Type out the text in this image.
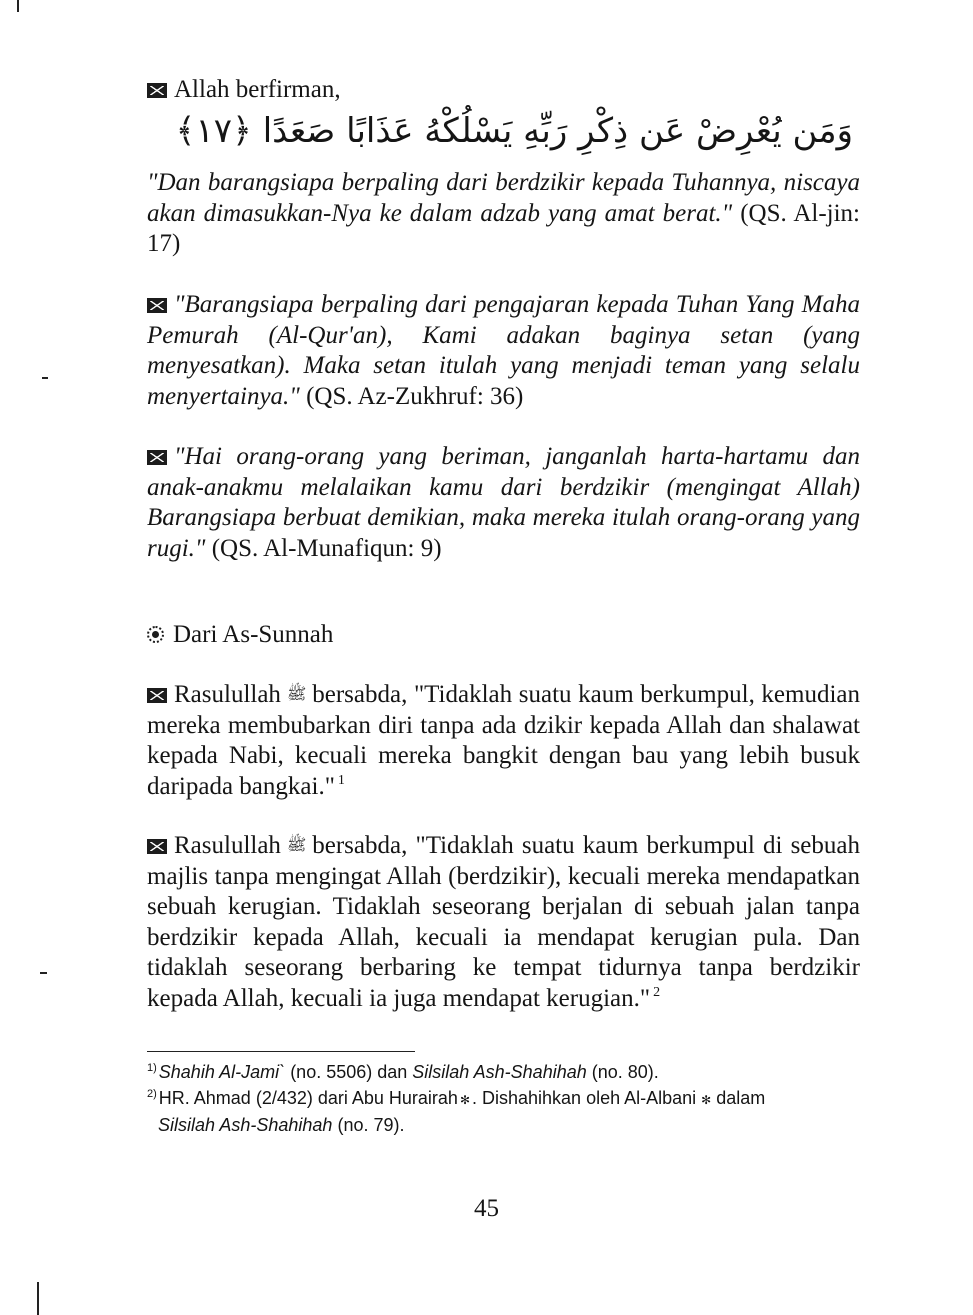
Allah berfirman,
وَمَن يُعْرِضْ عَن ذِكْرِ رَبِّهِ يَسْلُكْهُ عَذَابًا صَعَدًا ﴿١٧﴾
"Dan barangsiapa berpaling dari berdzikir kepada Tuhannya, niscaya akan dimasukkan-Nya ke dalam adzab yang amat berat." (QS. Al-jin: 17)
"Barangsiapa berpaling dari pengajaran kepada Tuhan Yang Maha Pemurah (Al-Qur'an), Kami adakan baginya setan (yang menyesatkan). Maka setan itulah yang menjadi teman yang selalu menyertainya." (QS. Az-Zukhruf: 36)
"Hai orang-orang yang beriman, janganlah harta-hartamu dan anak-anakmu melalaikan kamu dari berdzikir (mengingat Allah) Barangsiapa berbuat demikian, maka mereka itulah orang-orang yang rugi." (QS. Al-Munafiqun: 9)
Dari As-Sunnah
Rasulullah ﷺ bersabda, "Tidaklah suatu kaum berkumpul, kemudian mereka membubarkan diri tanpa ada dzikir kepada Allah dan shalawat kepada Nabi, kecuali mereka bangkit dengan bau yang lebih busuk daripada bangkai." $^1$
Rasulullah ﷺ bersabda, "Tidaklah suatu kaum berkumpul di sebuah majlis tanpa mengingat Allah (berdzikir), kecuali mereka mendapatkan sebuah kerugian. Tidaklah seseorang berjalan di sebuah jalan tanpa berdzikir kepada Allah, kecuali ia mendapat kerugian pula. Dan tidaklah seseorang berbaring ke tempat tidurnya tanpa berdzikir kepada Allah, kecuali ia juga mendapat kerugian." $^2$
$^{1)}$ Shahih Al-Jami` (no. 5506) dan Silsilah Ash-Shahihah (no. 80).
$^{2)}$ HR. Ahmad (2/432) dari Abu Hurairah ✻ . Dishahihkan oleh Al-Albani ✻ dalam
Silsilah Ash-Shahihah (no. 79).
45
